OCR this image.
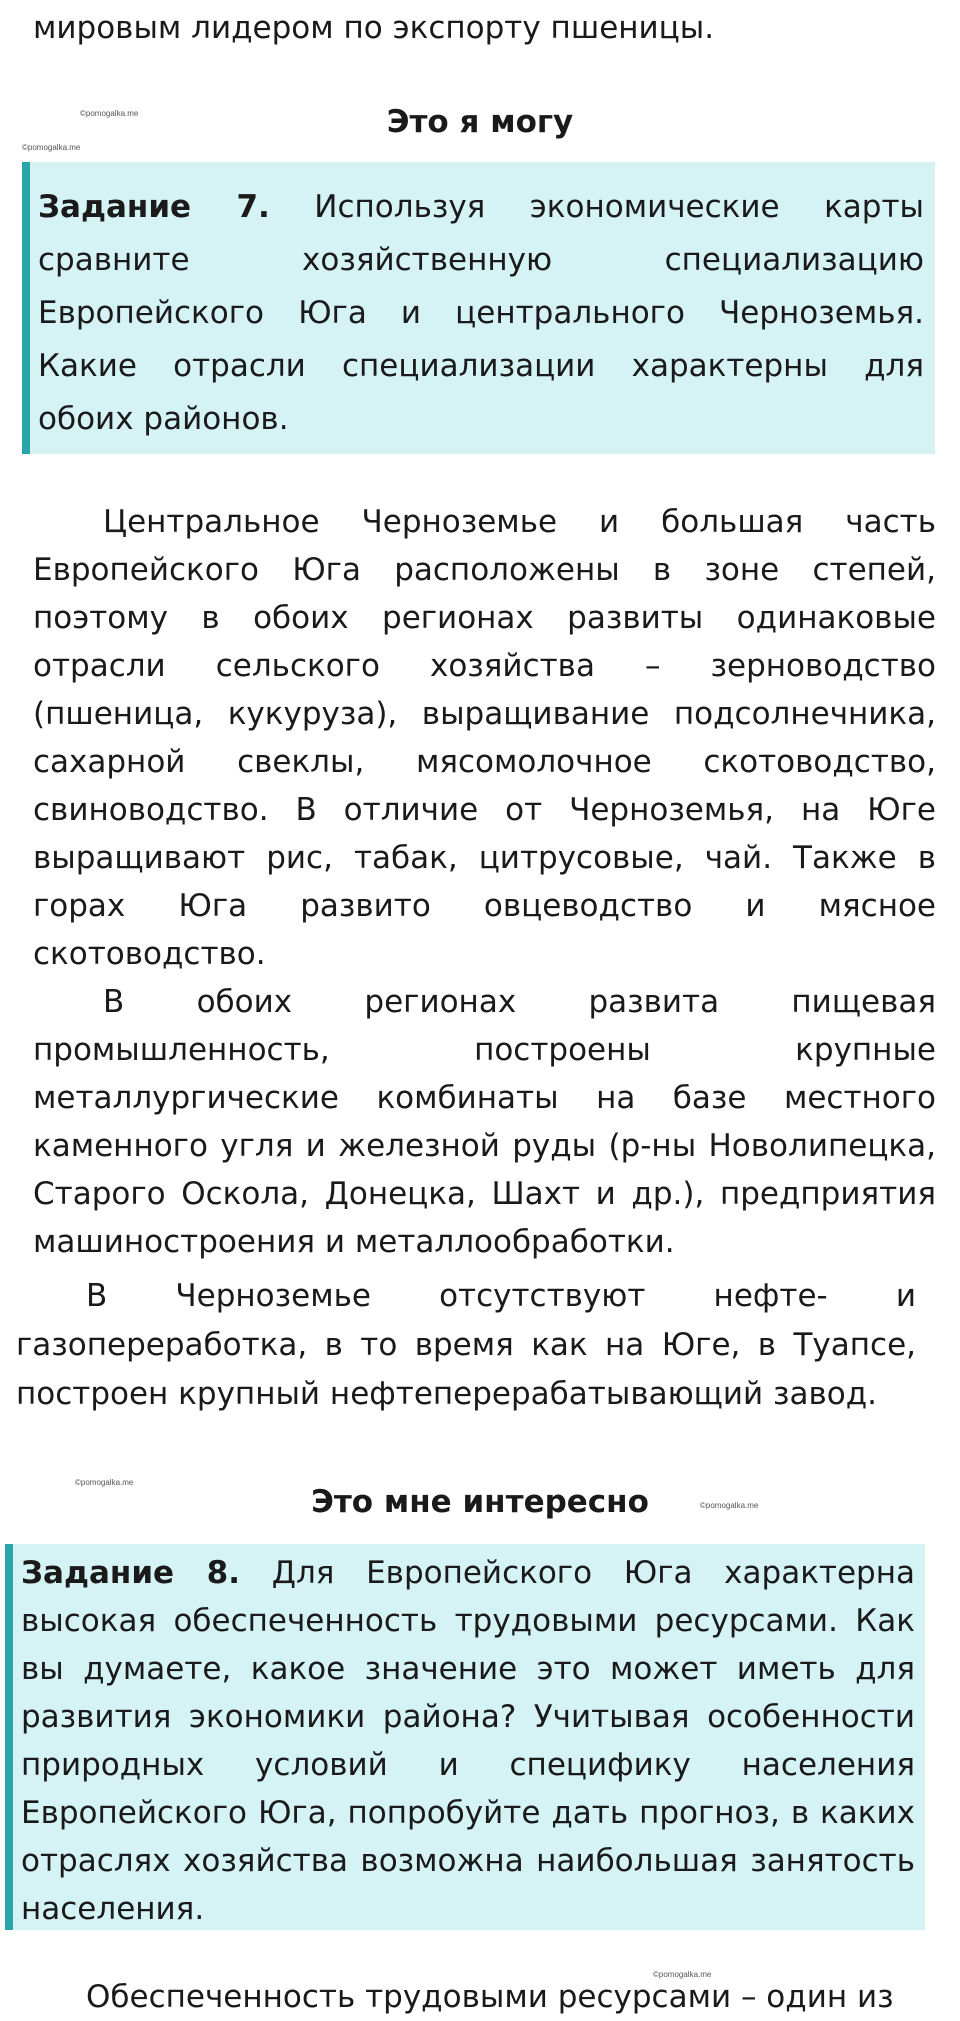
мировым лидером по экспорту пшеницы.

©pomogalka.me
©pomogalka.me
Это я могу
Задание 7. Используя экономические карты сравните хозяйственную специализацию Европейского Юга и центрального Черноземья. Какие отрасли специализации характерны для обоих районов.

Центральное Черноземье и большая часть Европейского Юга расположены в зоне степей, поэтому в обоих регионах развиты одинаковые отрасли сельского хозяйства – зерноводство (пшеница, кукуруза), выращивание подсолнечника, сахарной свеклы, мясомолочное скотоводство, свиноводство. В отличие от Черноземья, на Юге выращивают рис, табак, цитрусовые, чай. Также в горах Юга развито овцеводство и мясное скотоводство.

В обоих регионах развита пищевая промышленность, построены крупные металлургические комбинаты на базе местного каменного угля и железной руды (р-ны Новолипецка, Старого Оскола, Донецка, Шахт и др.), предприятия машиностроения и металлообработки.

В Черноземье отсутствуют нефте- и газопереработка, в то время как на Юге, в Туапсе, построен крупный нефтеперерабатывающий завод.

©pomogalka.me
©pomogalka.me
Это мне интересно
Задание 8. Для Европейского Юга характерна высокая обеспеченность трудовыми ресурсами. Как вы думаете, какое значение это может иметь для развития экономики района? Учитывая особенности природных условий и специфику населения Европейского Юга, попробуйте дать прогноз, в каких отраслях хозяйства возможна наибольшая занятость населения.
©pomogalka.me

Обеспеченность трудовыми ресурсами – один из
